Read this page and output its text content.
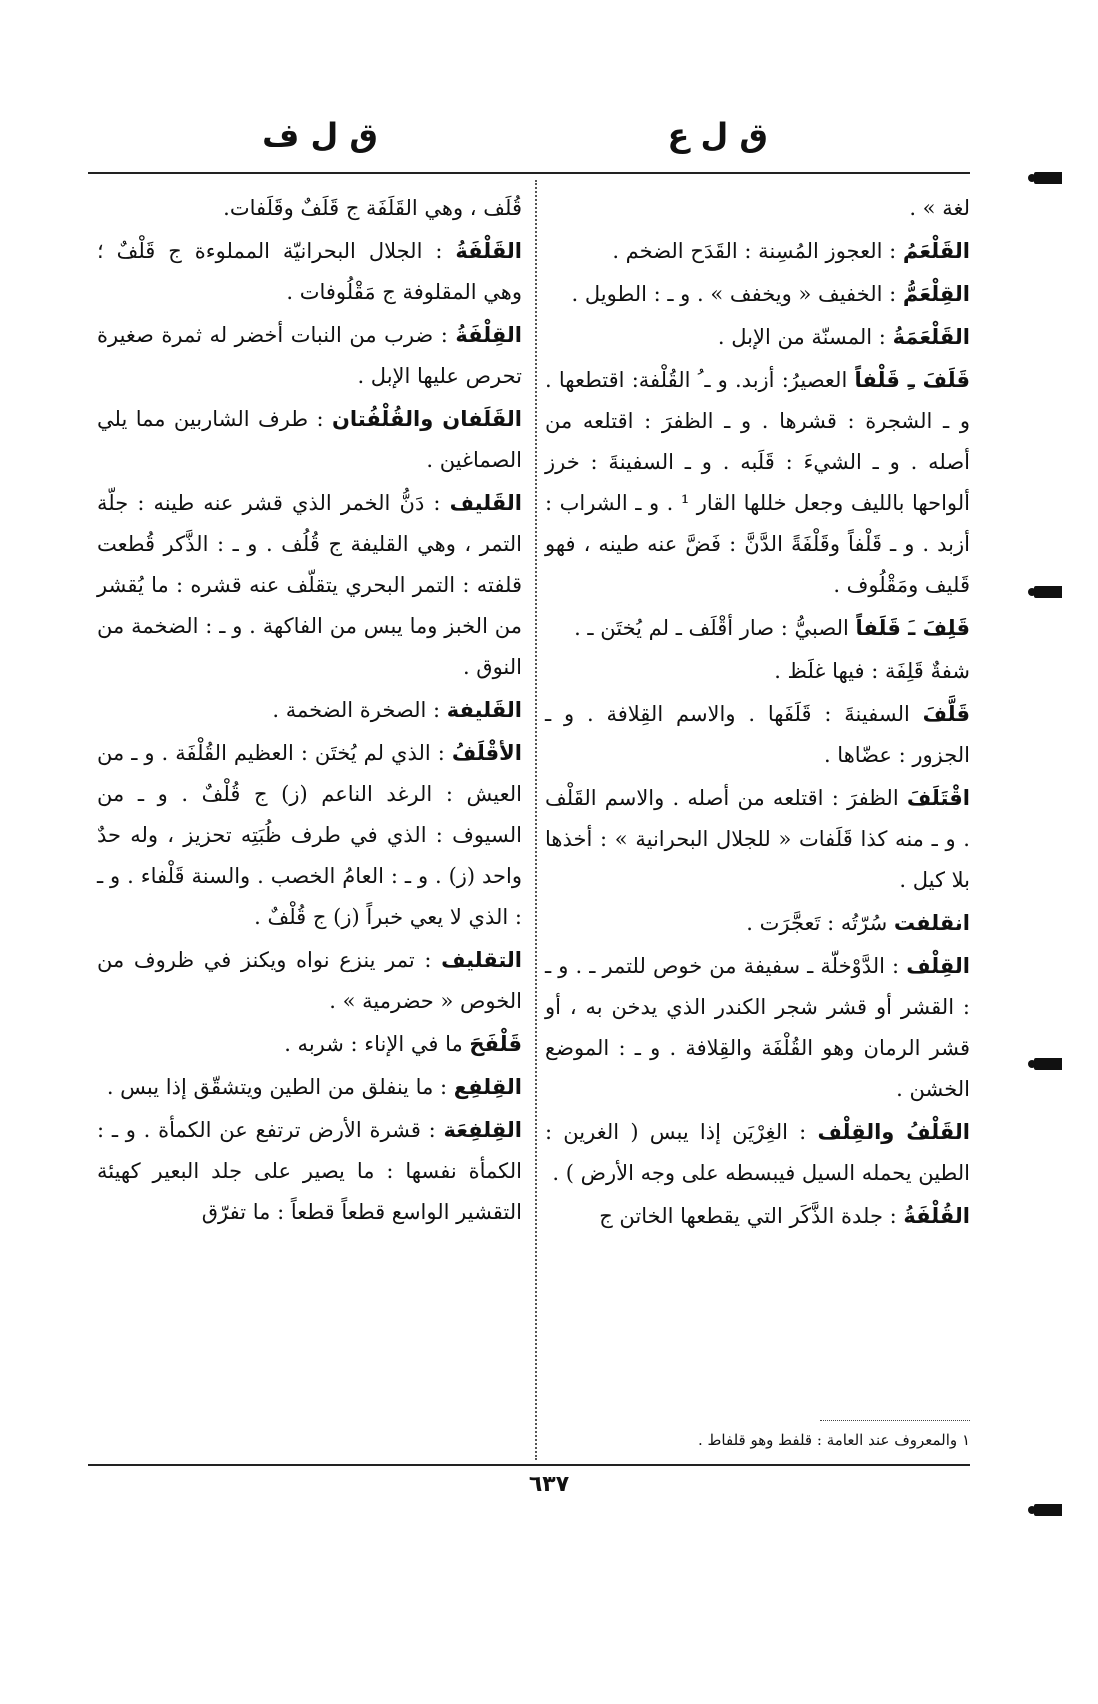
ق ل ع
ق ل ف

لغة » .

القَلْعَمُ : العجوز المُسِنة : القَدَح الضخم .

القِلْعَمُّ : الخفيف « ويخفف » . و ـ : الطويل .

القَلْعَمَةُ : المسنّة من الإبل .

قَلَفَ ـِ قَلْفاً العصيرُ: أزبد. و ـ ُ القُلْفة: اقتطعها . و ـ الشجرة : قشرها . و ـ الظفرَ : اقتلعه من أصله . و ـ الشيءَ : قَلَبه . و ـ السفينةَ : خرز ألواحها بالليف وجعل خللها القار ¹ . و ـ الشراب : أزبد . و ـ قَلْفاً وقَلْفَةً الدَّنَّ : فَضَّ عنه طينه ، فهو قَليف ومَقْلُوف .

قَلِفَ ـَ قَلَفاً الصبيُّ : صار أقْلَف ـ لم يُختَن ـ .

شفةٌ قَلِفَة : فيها غلَظ .

قَلَّفَ السفينةَ : قَلَفَها . والاسم القِلافة . و ـ الجزور : عضّاها .

اقْتَلَفَ الظفرَ : اقتلعه من أصله . والاسم القَلْف . و ـ منه كذا قَلَفات « للجلال البحرانية » : أخذها بلا كيل .

انقلفت سُرّتُه : تَعجَّرَت .

القِلْف : الدَّوْخلّة ـ سفيفة من خوص للتمر ـ . و ـ : القشر أو قشر شجر الكندر الذي يدخن به ، أو قشر الرمان وهو القُلْفَة والقِلافة . و ـ : الموضع الخشن .

القَلْفُ والقِلْف : الغِرْيَن إذا يبس ( الغرين : الطين يحمله السيل فيبسطه على وجه الأرض ) .

القُلْفَةُ : جلدة الذَّكَر التي يقطعها الخاتن ج

قُلَف ، وهي القَلَفَة ج قَلَفٌ وقَلَفات.

القَلْفَةُ : الجلال البحرانيّة المملوءة ج قَلْفٌ ؛ وهي المقلوفة ج مَقْلُوفات .

القِلْفَةُ : ضرب من النبات أخضر له ثمرة صغيرة تحرص عليها الإبل .

القَلَفان والقُلْفُتان : طرف الشاربين مما يلي الصماغين .

القَليف : دَنُّ الخمر الذي قشر عنه طينه : جلّة التمر ، وهي القليفة ج قُلُف . و ـ : الذَّكر قُطعت قلفته : التمر البحري يتقلّف عنه قشره : ما يُقشر من الخبز وما يبس من الفاكهة . و ـ : الضخمة من النوق .

القَليفة : الصخرة الضخمة .

الأقْلَفُ : الذي لم يُختَن : العظيم القُلْفَة . و ـ من العيش : الرغد الناعم (ز) ج قُلْفٌ . و ـ من السيوف : الذي في طرف ظُبَتِه تحزيز ، وله حدٌ واحد (ز) . و ـ : العامُ الخصب . والسنة قَلْفاء . و ـ : الذي لا يعي خبراً (ز) ج قُلْفٌ .

التقليف : تمر ينزع نواه ويكنز في ظروف من الخوص « حضرمية » .

قَلْفَحَ ما في الإناء : شربه .

القِلفِع : ما ينفلق من الطين ويتشقّق إذا يبس .

القِلفِعَة : قشرة الأرض ترتفع عن الكمأة . و ـ : الكمأة نفسها : ما يصير على جلد البعير كهيئة التقشير الواسع قطعاً قطعاً : ما تفرّق

١ والمعروف عند العامة : قلفط وهو قلفاط .
٦٣٧
